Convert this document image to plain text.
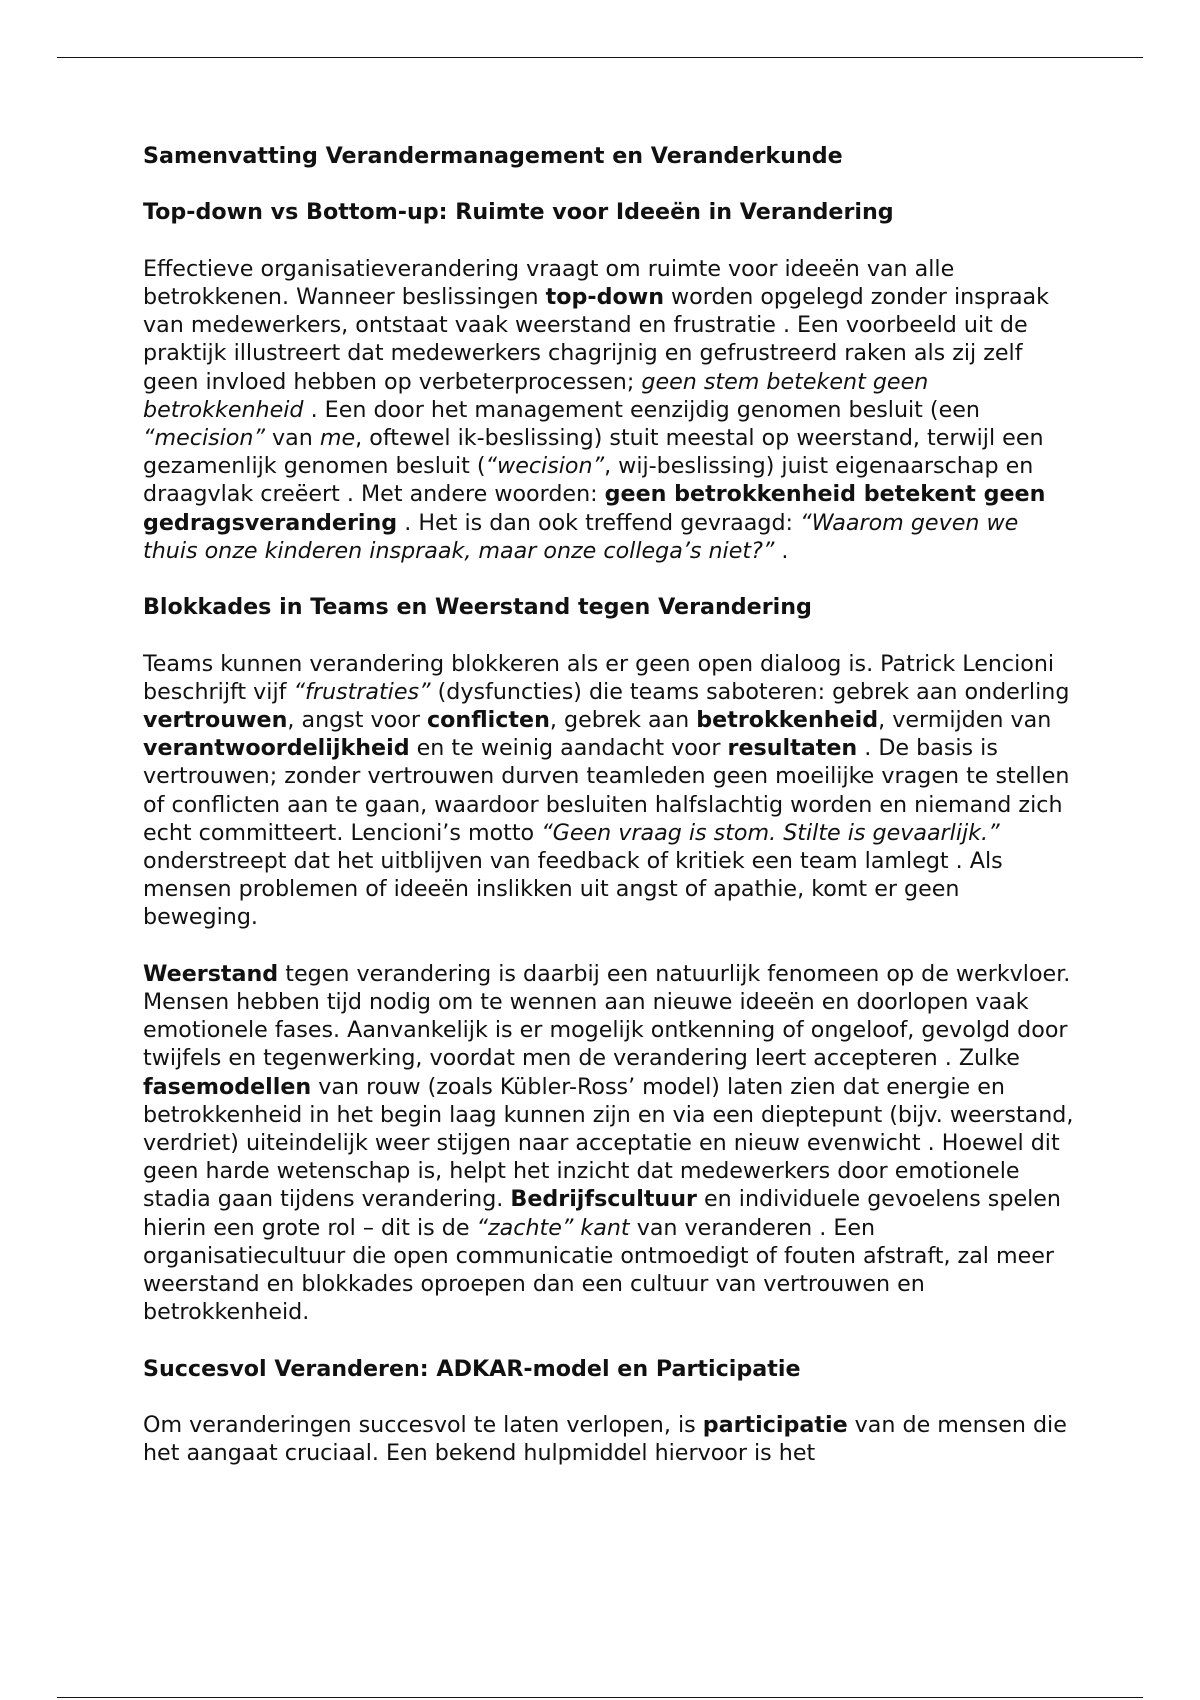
Samenvatting Verandermanagement en Veranderkunde
Top-down vs Bottom-up: Ruimte voor Ideeën in Verandering

Effectieve organisatieverandering vraagt om ruimte voor ideeën van alle betrokkenen. Wanneer beslissingen top-down worden opgelegd zonder inspraak van medewerkers, ontstaat vaak weerstand en frustratie . Een voorbeeld uit de praktijk illustreert dat medewerkers chagrijnig en gefrustreerd raken als zij zelf geen invloed hebben op verbeterprocessen; geen stem betekent geen betrokkenheid . Een door het management eenzijdig genomen besluit (een “mecision” van me, oftewel ik-beslissing) stuit meestal op weerstand, terwijl een gezamenlijk genomen besluit (“wecision”, wij-beslissing) juist eigenaarschap en draagvlak creëert . Met andere woorden: geen betrokkenheid betekent geen gedragsverandering . Het is dan ook treffend gevraagd: “Waarom geven we thuis onze kinderen inspraak, maar onze collega’s niet?” .

Blokkades in Teams en Weerstand tegen Verandering

Teams kunnen verandering blokkeren als er geen open dialoog is. Patrick Lencioni beschrijft vijf “frustraties” (dysfuncties) die teams saboteren: gebrek aan onderling vertrouwen, angst voor conflicten, gebrek aan betrokkenheid, vermijden van verantwoordelijkheid en te weinig aandacht voor resultaten . De basis is vertrouwen; zonder vertrouwen durven teamleden geen moeilijke vragen te stellen of conflicten aan te gaan, waardoor besluiten halfslachtig worden en niemand zich echt committeert. Lencioni’s motto “Geen vraag is stom. Stilte is gevaarlijk.” onderstreept dat het uitblijven van feedback of kritiek een team lamlegt . Als mensen problemen of ideeën inslikken uit angst of apathie, komt er geen beweging.

Weerstand tegen verandering is daarbij een natuurlijk fenomeen op de werkvloer. Mensen hebben tijd nodig om te wennen aan nieuwe ideeën en doorlopen vaak emotionele fases. Aanvankelijk is er mogelijk ontkenning of ongeloof, gevolgd door twijfels en tegenwerking, voordat men de verandering leert accepteren . Zulke fasemodellen van rouw (zoals Kübler-Ross’ model) laten zien dat energie en betrokkenheid in het begin laag kunnen zijn en via een dieptepunt (bijv. weerstand, verdriet) uiteindelijk weer stijgen naar acceptatie en nieuw evenwicht . Hoewel dit geen harde wetenschap is, helpt het inzicht dat medewerkers door emotionele stadia gaan tijdens verandering. Bedrijfscultuur en individuele gevoelens spelen hierin een grote rol – dit is de “zachte” kant van veranderen . Een organisatiecultuur die open communicatie ontmoedigt of fouten afstraft, zal meer weerstand en blokkades oproepen dan een cultuur van vertrouwen en betrokkenheid.

Succesvol Veranderen: ADKAR-model en Participatie

Om veranderingen succesvol te laten verlopen, is participatie van de mensen die het aangaat cruciaal. Een bekend hulpmiddel hiervoor is het
